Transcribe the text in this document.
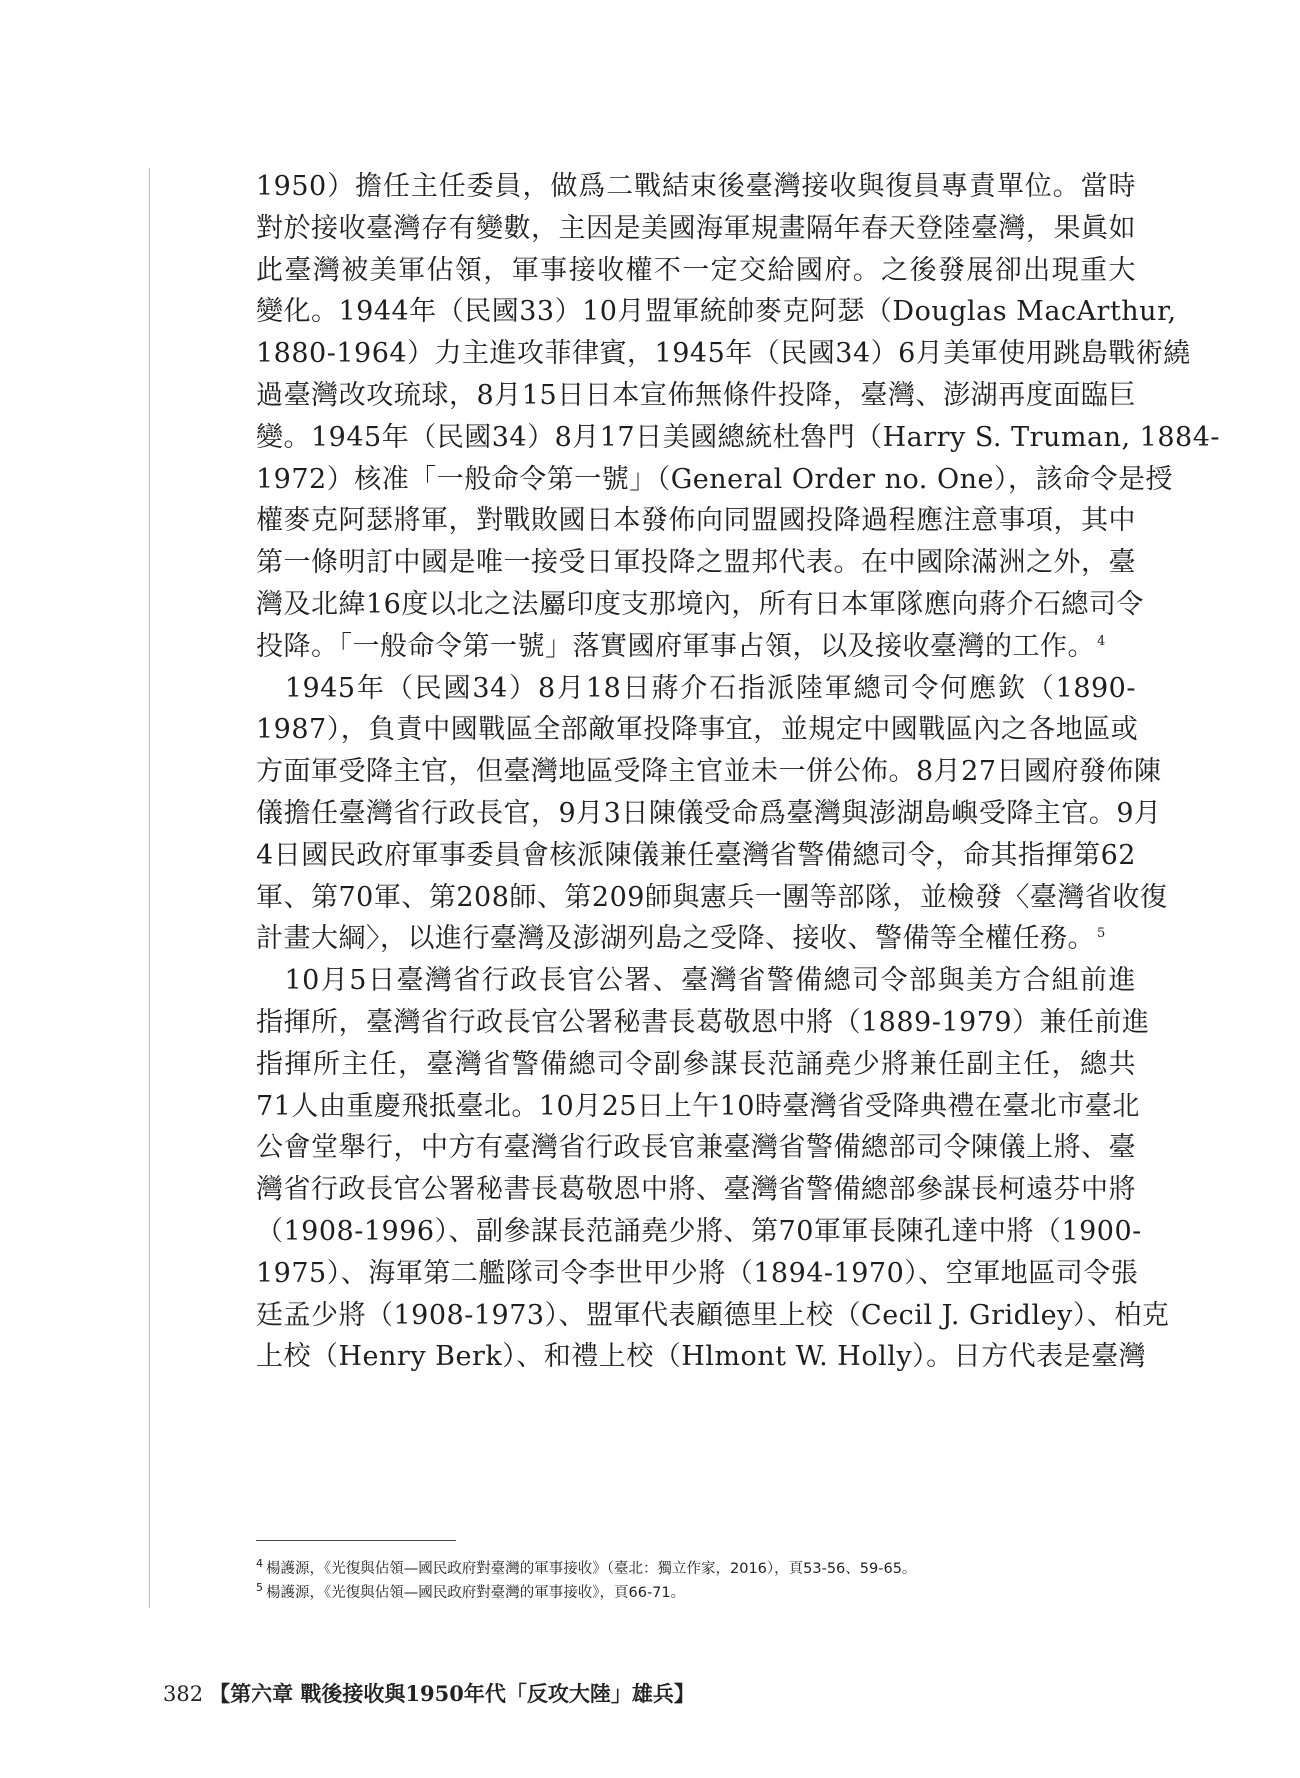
1950）擔任主任委員，做爲二戰結束後臺灣接收與復員專責單位。當時
對於接收臺灣存有變數，主因是美國海軍規畫隔年春天登陸臺灣，果眞如
此臺灣被美軍佔領，軍事接收權不一定交給國府。之後發展卻出現重大
變化。1944年（民國33）10月盟軍統帥麥克阿瑟（Douglas MacArthur,
1880-1964）力主進攻菲律賓，1945年（民國34）6月美軍使用跳島戰術繞
過臺灣改攻琉球，8月15日日本宣佈無條件投降，臺灣、澎湖再度面臨巨
變。1945年（民國34）8月17日美國總統杜魯門（Harry S. Truman, 1884-
1972）核准「一般命令第一號」（General Order no. One），該命令是授
權麥克阿瑟將軍，對戰敗國日本發佈向同盟國投降過程應注意事項，其中
第一條明訂中國是唯一接受日軍投降之盟邦代表。在中國除滿洲之外，臺
灣及北緯16度以北之法屬印度支那境內，所有日本軍隊應向蔣介石總司令
投降。「一般命令第一號」落實國府軍事占領，以及接收臺灣的工作。 $^4$
　1945年（民國34）8月18日蔣介石指派陸軍總司令何應欽（1890-
1987），負責中國戰區全部敵軍投降事宜，並規定中國戰區內之各地區或
方面軍受降主官，但臺灣地區受降主官並未一併公佈。8月27日國府發佈陳
儀擔任臺灣省行政長官，9月3日陳儀受命爲臺灣與澎湖島嶼受降主官。9月
4日國民政府軍事委員會核派陳儀兼任臺灣省警備總司令，命其指揮第62
軍、第70軍、第208師、第209師與憲兵一團等部隊，並檢發〈臺灣省收復
計畫大綱〉，以進行臺灣及澎湖列島之受降、接收、警備等全權任務。 $^5$
　10月5日臺灣省行政長官公署、臺灣省警備總司令部與美方合組前進
指揮所，臺灣省行政長官公署秘書長葛敬恩中將（1889-1979）兼任前進
指揮所主任，臺灣省警備總司令副參謀長范誦堯少將兼任副主任，總共
71人由重慶飛抵臺北。10月25日上午10時臺灣省受降典禮在臺北市臺北
公會堂舉行，中方有臺灣省行政長官兼臺灣省警備總部司令陳儀上將、臺
灣省行政長官公署秘書長葛敬恩中將、臺灣省警備總部參謀長柯遠芬中將
（1908-1996）、副參謀長范誦堯少將、第70軍軍長陳孔達中將（1900-
1975）、海軍第二艦隊司令李世甲少將（1894-1970）、空軍地區司令張
廷孟少將（1908-1973）、盟軍代表顧德里上校（Cecil J. Gridley）、柏克
上校（Henry Berk）、和禮上校（Hlmont W. Holly）。日方代表是臺灣
$^4$ 楊護源，《光復與佔領—國民政府對臺灣的軍事接收》（臺北：獨立作家，2016），頁53-56、59-65。
$^5$ 楊護源，《光復與佔領—國民政府對臺灣的軍事接收》，頁66-71。
382 【第六章 戰後接收與1950年代「反攻大陸」雄兵】
